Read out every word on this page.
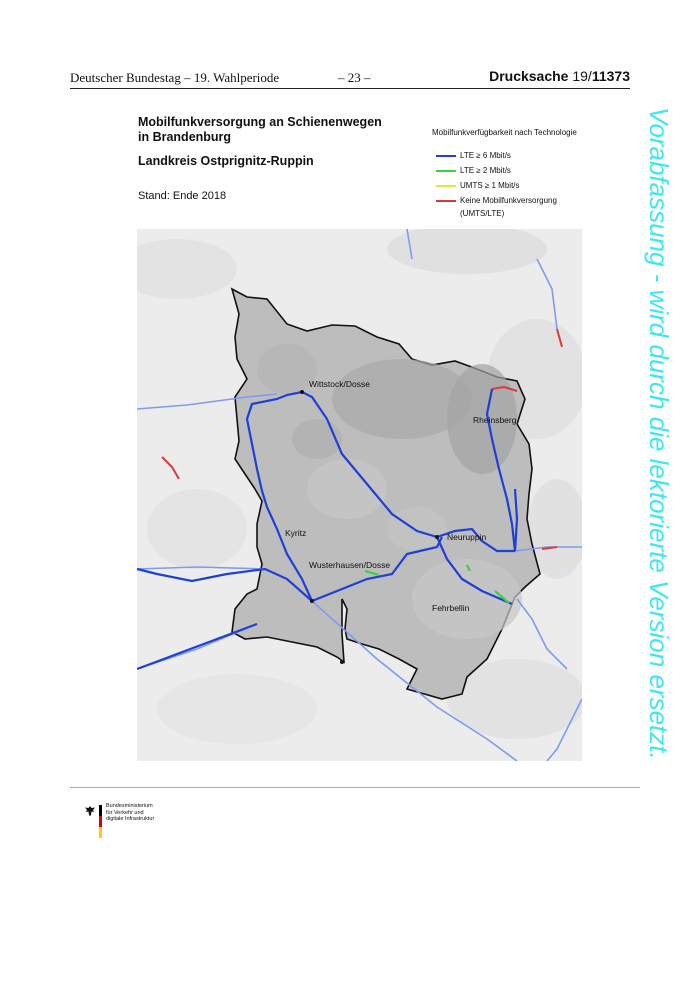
Deutscher Bundestag – 19. Wahlperiode	– 23 –	Drucksache 19/11373
Mobilfunkversorgung an Schienenwegen
in Brandenburg
Landkreis Ostprignitz-Ruppin
Stand: Ende 2018
Mobilfunkverfügbarkeit nach Technologie
LTE ≥ 6 Mbit/s
LTE ≥ 2 Mbit/s
UMTS ≥ 1 Mbit/s
Keine Mobilfunkversorgung
(UMTS/LTE)
Wittstock/Dosse
Rheinsberg
Kyritz	Neuruppin
Wusterhausen/Dosse
Fehrbellin	Vorabfassung - wird durch die lektorierte Version ersetzt.
Bundesministerium
für Verkehr und
digitale Infrastruktur
